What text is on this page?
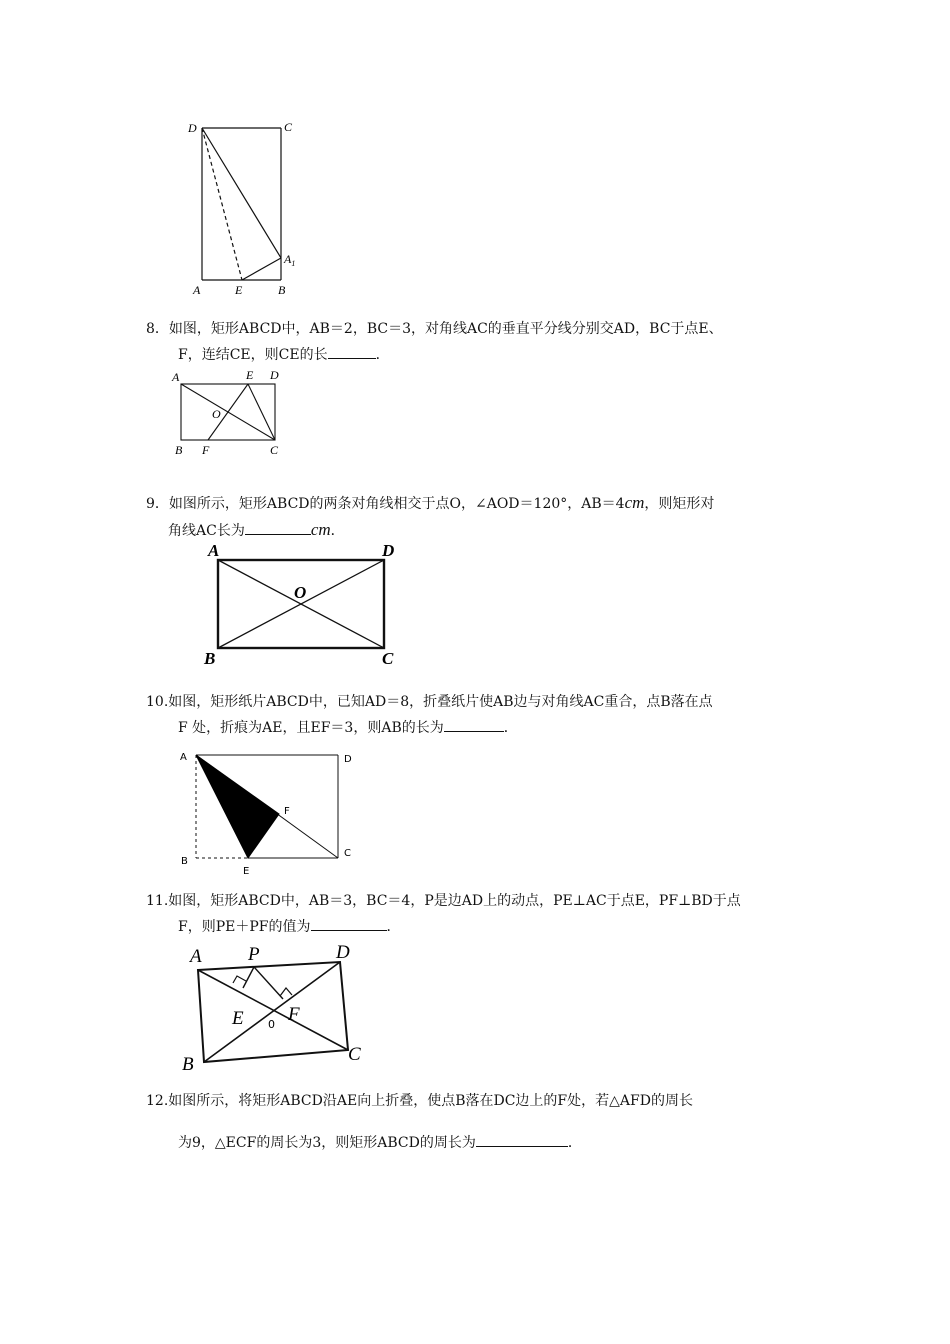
D	C
$A_1$
A	E	B

8．如图，矩形ABCD中，AB＝2，BC＝3，对角线AC的垂直平分线分别交AD，BC于点E、

F，连结CE，则CE的长	．

A	E D
O
B F	C

9．如图所示，矩形ABCD的两条对角线相交于点O，∠AOD＝120°，AB＝4cm，则矩形对

角线AC长为	cm．

A	D
O
B	C

10.如图，矩形纸片ABCD中，已知AD＝8，折叠纸片使AB边与对角线AC重合，点B落在点

F 处，折痕为AE，且EF＝3，则AB的长为	．

A	D
F
B
C
E

11.如图，矩形ABCD中，AB＝3，BC＝4，P是边AD上的动点，PE⊥AC于点E，PF⊥BD于点

F，则PE＋PF的值为	．

A P	D
E F
0
B	C

12.如图所示，将矩形ABCD沿AE向上折叠，使点B落在DC边上的F处，若△AFD的周长

为9，△ECF的周长为3，则矩形ABCD的周长为	．
